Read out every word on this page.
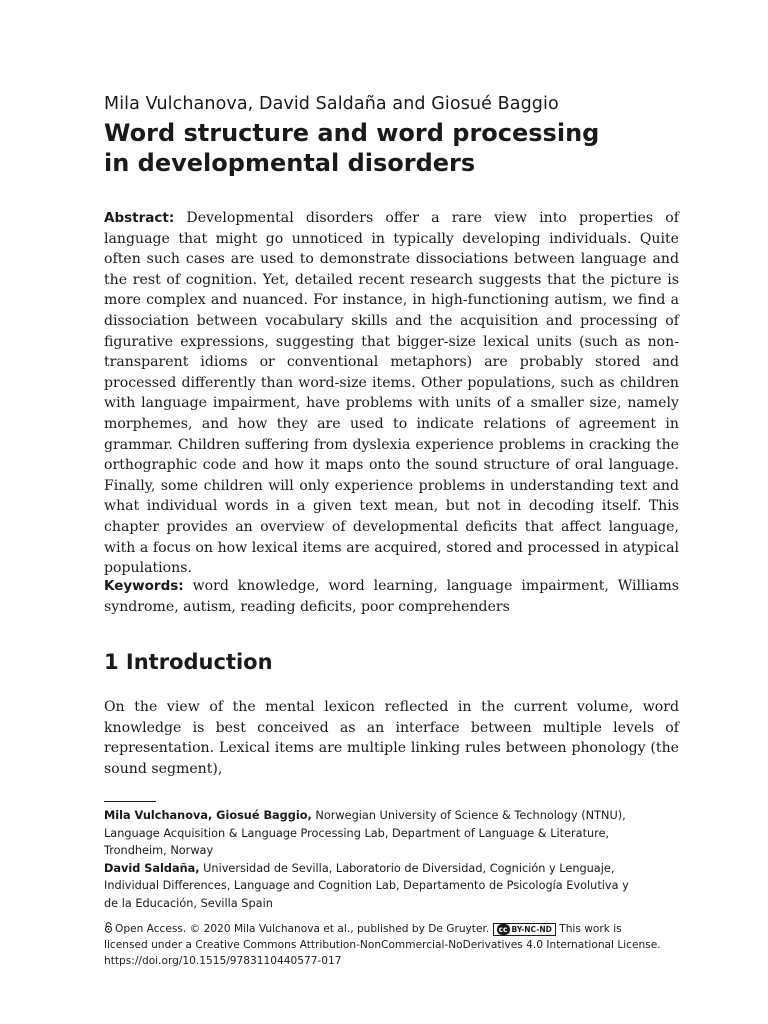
Mila Vulchanova, David Saldaña and Giosué Baggio
Word structure and word processing
in developmental disorders

Abstract: Developmental disorders offer a rare view into properties of language that might go unnoticed in typically developing individuals. Quite often such cases are used to demonstrate dissociations between language and the rest of cognition. Yet, detailed recent research suggests that the picture is more complex and nuanced. For instance, in high-functioning autism, we find a dissociation between vocabulary skills and the acquisition and processing of figurative expressions, suggesting that bigger-size lexical units (such as non-transparent idioms or conventional metaphors) are probably stored and processed differently than word-size items. Other populations, such as children with language impairment, have problems with units of a smaller size, namely morphemes, and how they are used to indicate relations of agreement in grammar. Children suffering from dyslexia experience problems in cracking the orthographic code and how it maps onto the sound structure of oral language. Finally, some children will only experience problems in understanding text and what individual words in a given text mean, but not in decoding itself. This chapter provides an overview of developmental deficits that affect language, with a focus on how lexical items are acquired, stored and processed in atypical populations.

Keywords: word knowledge, word learning, language impairment, Williams syndrome, autism, reading deficits, poor comprehenders

1 Introduction

On the view of the mental lexicon reflected in the current volume, word knowledge is best conceived as an interface between multiple levels of representation. Lexical items are multiple linking rules between phonology (the sound segment),

Mila Vulchanova, Giosué Baggio, Norwegian University of Science & Technology (NTNU),
Language Acquisition & Language Processing Lab, Department of Language & Literature,
Trondheim, Norway
David Saldaña, Universidad de Sevilla, Laboratorio de Diversidad, Cognición y Lenguaje,
Individual Differences, Language and Cognition Lab, Departamento de Psicología Evolutiva y
de la Educación, Sevilla Spain
Open Access. © 2020 Mila Vulchanova et al., published by De Gruyter. cc BY-NC-ND This work is
licensed under a Creative Commons Attribution-NonCommercial-NoDerivatives 4.0 International License.
https://doi.org/10.1515/9783110440577-017
